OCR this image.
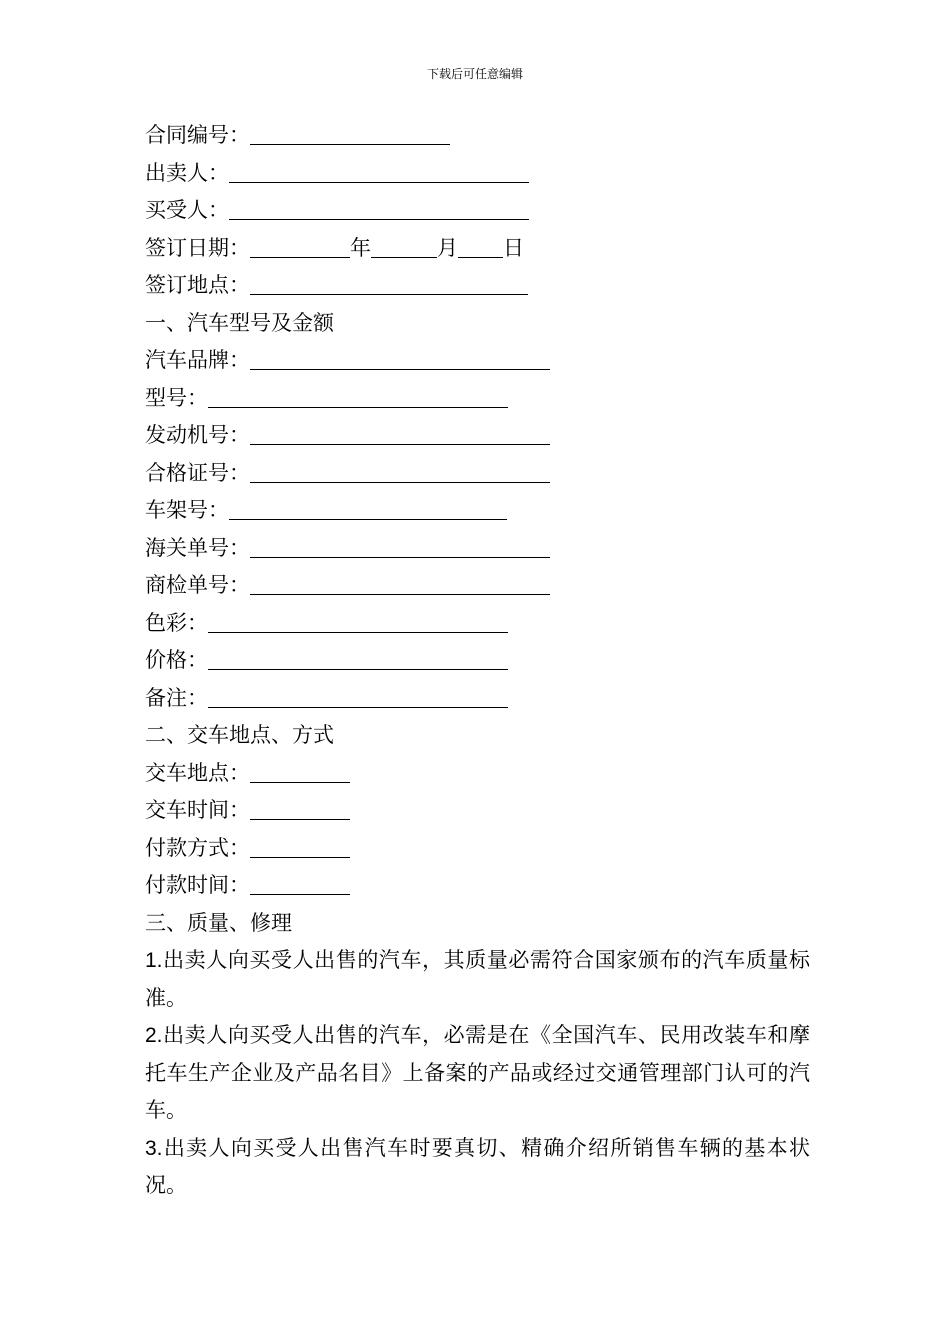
下载后可任意编辑
合同编号：
出卖人：
买受人：
签订日期：	年	月 日
签订地点：
一、汽车型号及金额
汽车品牌：
型号：
发动机号：
合格证号：
车架号：
海关单号：
商检单号：
色彩：
价格：
备注：
二、交车地点、方式
交车地点：
交车时间：
付款方式：
付款时间：
三、质量、修理
1.出卖人向买受人出售的汽车，其质量必需符合国家颁布的汽车质量标准。
2.出卖人向买受人出售的汽车，必需是在《全国汽车、民用改装车和摩托车生产企业及产品名目》上备案的产品或经过交通管理部门认可的汽车。
3.出卖人向买受人出售汽车时要真切、精确介绍所销售车辆的基本状况。
